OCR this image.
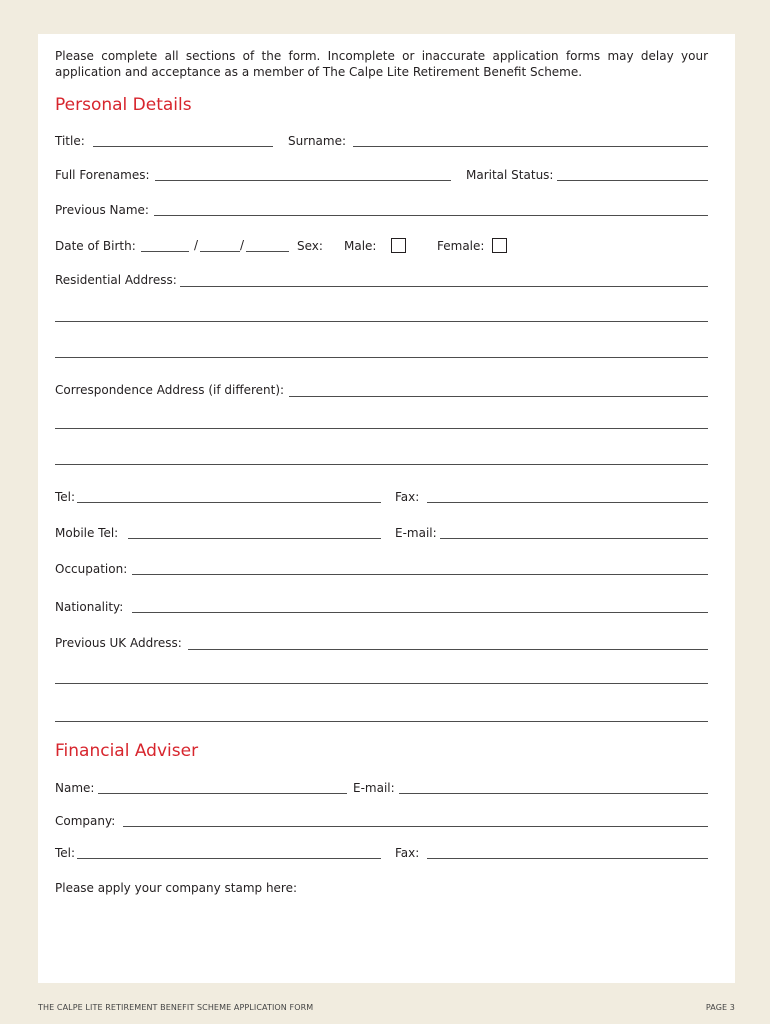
Please complete all sections of the form. Incomplete or inaccurate application forms may delay your application and acceptance as a member of The Calpe Lite Retirement Benefit Scheme.
Personal Details
Title:	Surname:
Full Forenames:	Marital Status:
Previous Name:
Date of Birth:	/	/	Sex: Male:	Female:
Residential Address:
Correspondence Address (if different):
Tel:	Fax:
Mobile Tel:	E-mail:
Occupation:
Nationality:
Previous UK Address:
Financial Adviser
Name:	E-mail:
Company:
Tel:	Fax:
Please apply your company stamp here:
THE CALPE LITE RETIREMENT BENEFIT SCHEME APPLICATION FORM	PAGE 3
